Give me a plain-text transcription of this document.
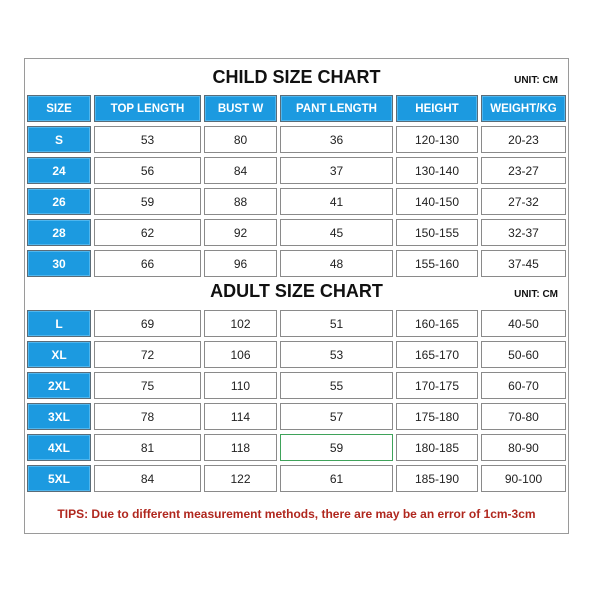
CHILD SIZE CHART	UNIT: CM
SIZE	TOP LENGTH	BUST W	PANT LENGTH	HEIGHT	WEIGHT/KG
S	53	80	36	120-130	20-23
24	56	84	37	130-140	23-27
26	59	88	41	140-150	27-32
28	62	92	45	150-155	32-37
30	66	96	48	155-160	37-45
ADULT SIZE CHART	UNIT: CM
L	69	102	51	160-165	40-50
XL	72	106	53	165-170	50-60
2XL	75	110	55	170-175	60-70
3XL	78	114	57	175-180	70-80
4XL	81	118	59	180-185	80-90
5XL	84	122	61	185-190	90-100
TIPS: Due to different measurement methods, there are may be an error of 1cm-3cm
